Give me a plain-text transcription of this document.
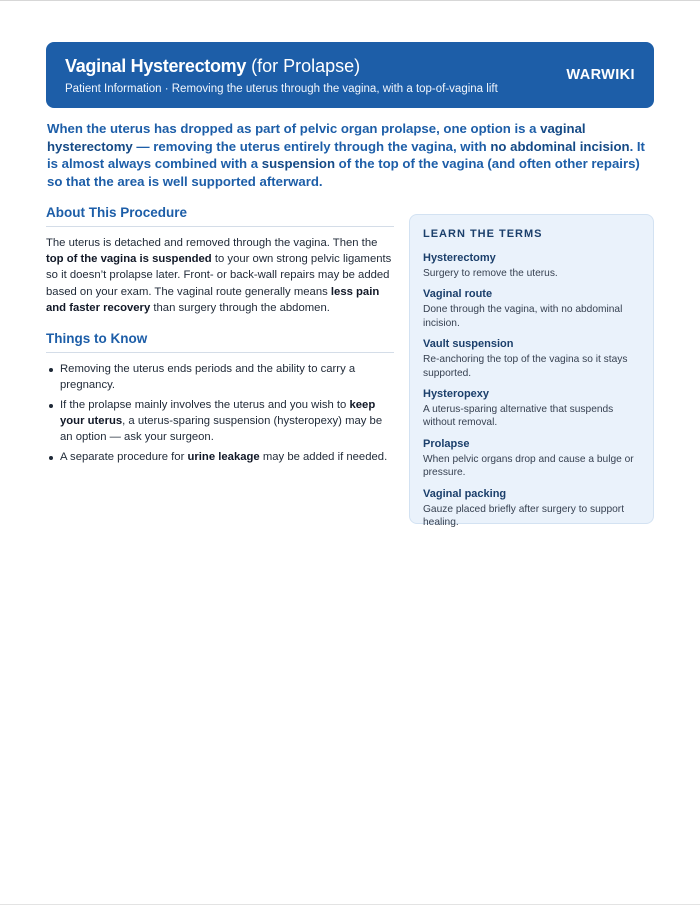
Vaginal Hysterectomy (for Prolapse)
Patient Information · Removing the uterus through the vagina, with a top-of-vagina lift
WARWIKI
When the uterus has dropped as part of pelvic organ prolapse, one option is a vaginal hysterectomy — removing the uterus entirely through the vagina, with no abdominal incision. It is almost always combined with a suspension of the top of the vagina (and often other repairs) so that the area is well supported afterward.
About This Procedure

The uterus is detached and removed through the vagina. Then the top of the vagina is suspended to your own strong pelvic ligaments so it doesn’t prolapse later. Front- or back-wall repairs may be added based on your exam. The vaginal route generally means less pain and faster recovery than surgery through the abdomen.

Things to Know
Removing the uterus ends periods and the ability to carry a pregnancy.
If the prolapse mainly involves the uterus and you wish to keep your uterus, a uterus-sparing suspension (hysteropexy) may be an option — ask your surgeon.
A separate procedure for urine leakage may be added if needed.
LEARN THE TERMS
Hysterectomy
Surgery to remove the uterus.
Vaginal route
Done through the vagina, with no abdominal incision.
Vault suspension
Re-anchoring the top of the vagina so it stays supported.
Hysteropexy
A uterus-sparing alternative that suspends without removal.
Prolapse
When pelvic organs drop and cause a bulge or pressure.
Vaginal packing
Gauze placed briefly after surgery to support healing.
